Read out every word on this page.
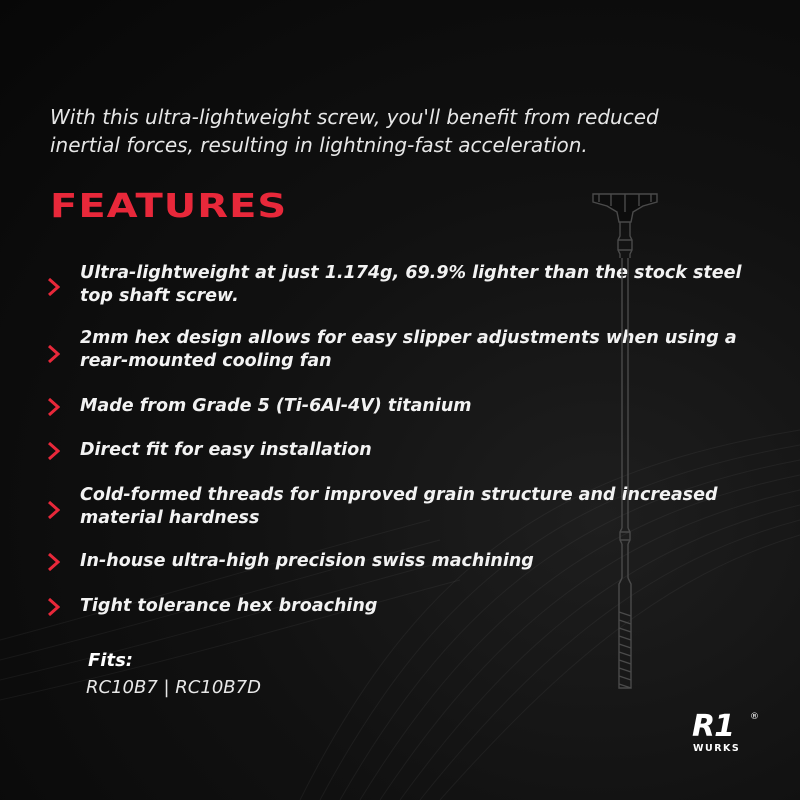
With this ultra-lightweight screw, you'll benefit from reduced
inertial forces, resulting in lightning-fast acceleration.
FEATURES
Ultra-lightweight at just 1.174g, 69.9% lighter than the stock steel
top shaft screw.
2mm hex design allows for easy slipper adjustments when using a
rear-mounted cooling fan
Made from Grade 5 (Ti-6Al-4V) titanium
Direct fit for easy installation
Cold-formed threads for improved grain structure and increased
material hardness
In-house ultra-high precision swiss machining
Tight tolerance hex broaching
Fits:
RC10B7 | RC10B7D
R1 ®
WURKS
